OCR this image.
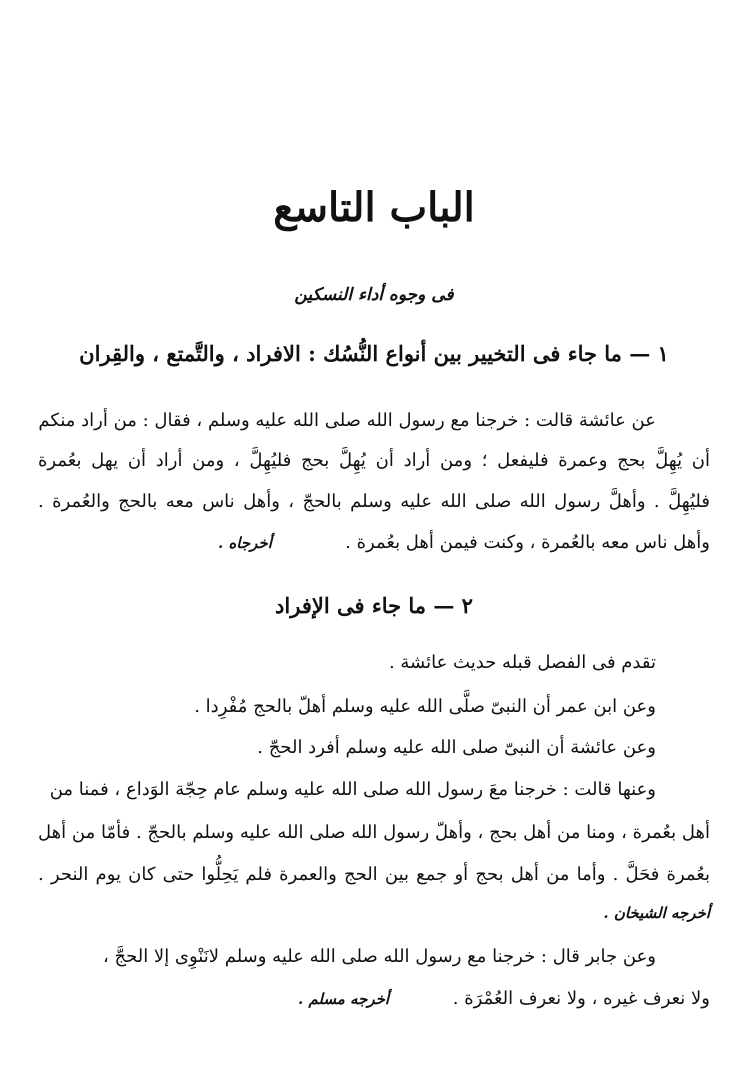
الباب التاسع
فى وجوه أداء النسكين
١ — ما جاء فى التخيير بين أنواع النُّسُك : الافراد ، والتَّمتع ، والقِران
عن عائشة قالت : خرجنا مع رسول الله صلى الله عليه وسلم ، فقال : من أراد منكم
أن يُهِلَّ بحج وعمرة فليفعل ؛ ومن أراد أن يُهِلَّ بحج فليُهِلَّ ، ومن أراد أن يهل بعُمرة
فليُهِلَّ . وأهلَّ رسول الله صلى الله عليه وسلم بالحجّ ، وأهل ناس معه بالحج والعُمرة .
وأهل ناس معه بالعُمرة ، وكنت فيمن أهل بعُمرة .
أخرجاه .
٢ — ما جاء فى الإفراد
تقدم فى الفصل قبله حديث عائشة .
وعن ابن عمر أن النبىّ صلَّى الله عليه وسلم أهلّ بالحج مُفْرِدا .
وعن عائشة أن النبىّ صلى الله عليه وسلم أفرد الحجّ .
وعنها قالت : خرجنا معَ رسول الله صلى الله عليه وسلم عام حِجّة الوَداع ، فمنا من
أهل بعُمرة ، ومنا من أهل بحج ، وأهلّ رسول الله صلى الله عليه وسلم بالحجّ . فأمّا من أهل
بعُمرة فحَلَّ . وأما من أهل بحج أو جمع بين الحج والعمرة فلم يَحِلُّوا حتى كان يوم النحر .
أخرجه الشيخان .
وعن جابر قال : خرجنا مع رسول الله صلى الله عليه وسلم لانَنْوِى إلا الحجَّ ،
ولا نعرف غيره ، ولا نعرف العُمْرَة .
أخرجه مسلم .
